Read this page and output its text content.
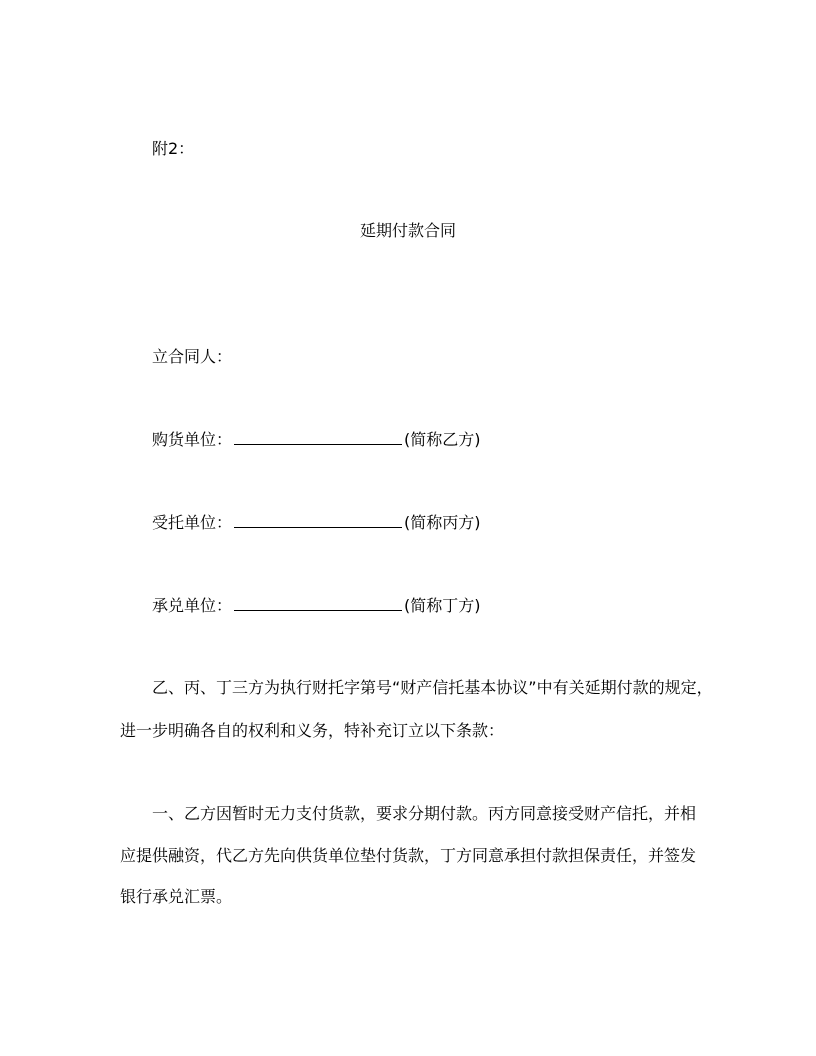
附2：
延期付款合同
立合同人：
购货单位：	(简称乙方)
受托单位：	(简称丙方)
承兑单位：	(简称丁方)
乙、丙、丁三方为执行财托字第号“财产信托基本协议”中有关延期付款的规定，
进一步明确各自的权利和义务，特补充订立以下条款：
一、乙方因暂时无力支付货款，要求分期付款。丙方同意接受财产信托，并相
应提供融资，代乙方先向供货单位垫付货款，丁方同意承担付款担保责任，并签发
银行承兑汇票。
